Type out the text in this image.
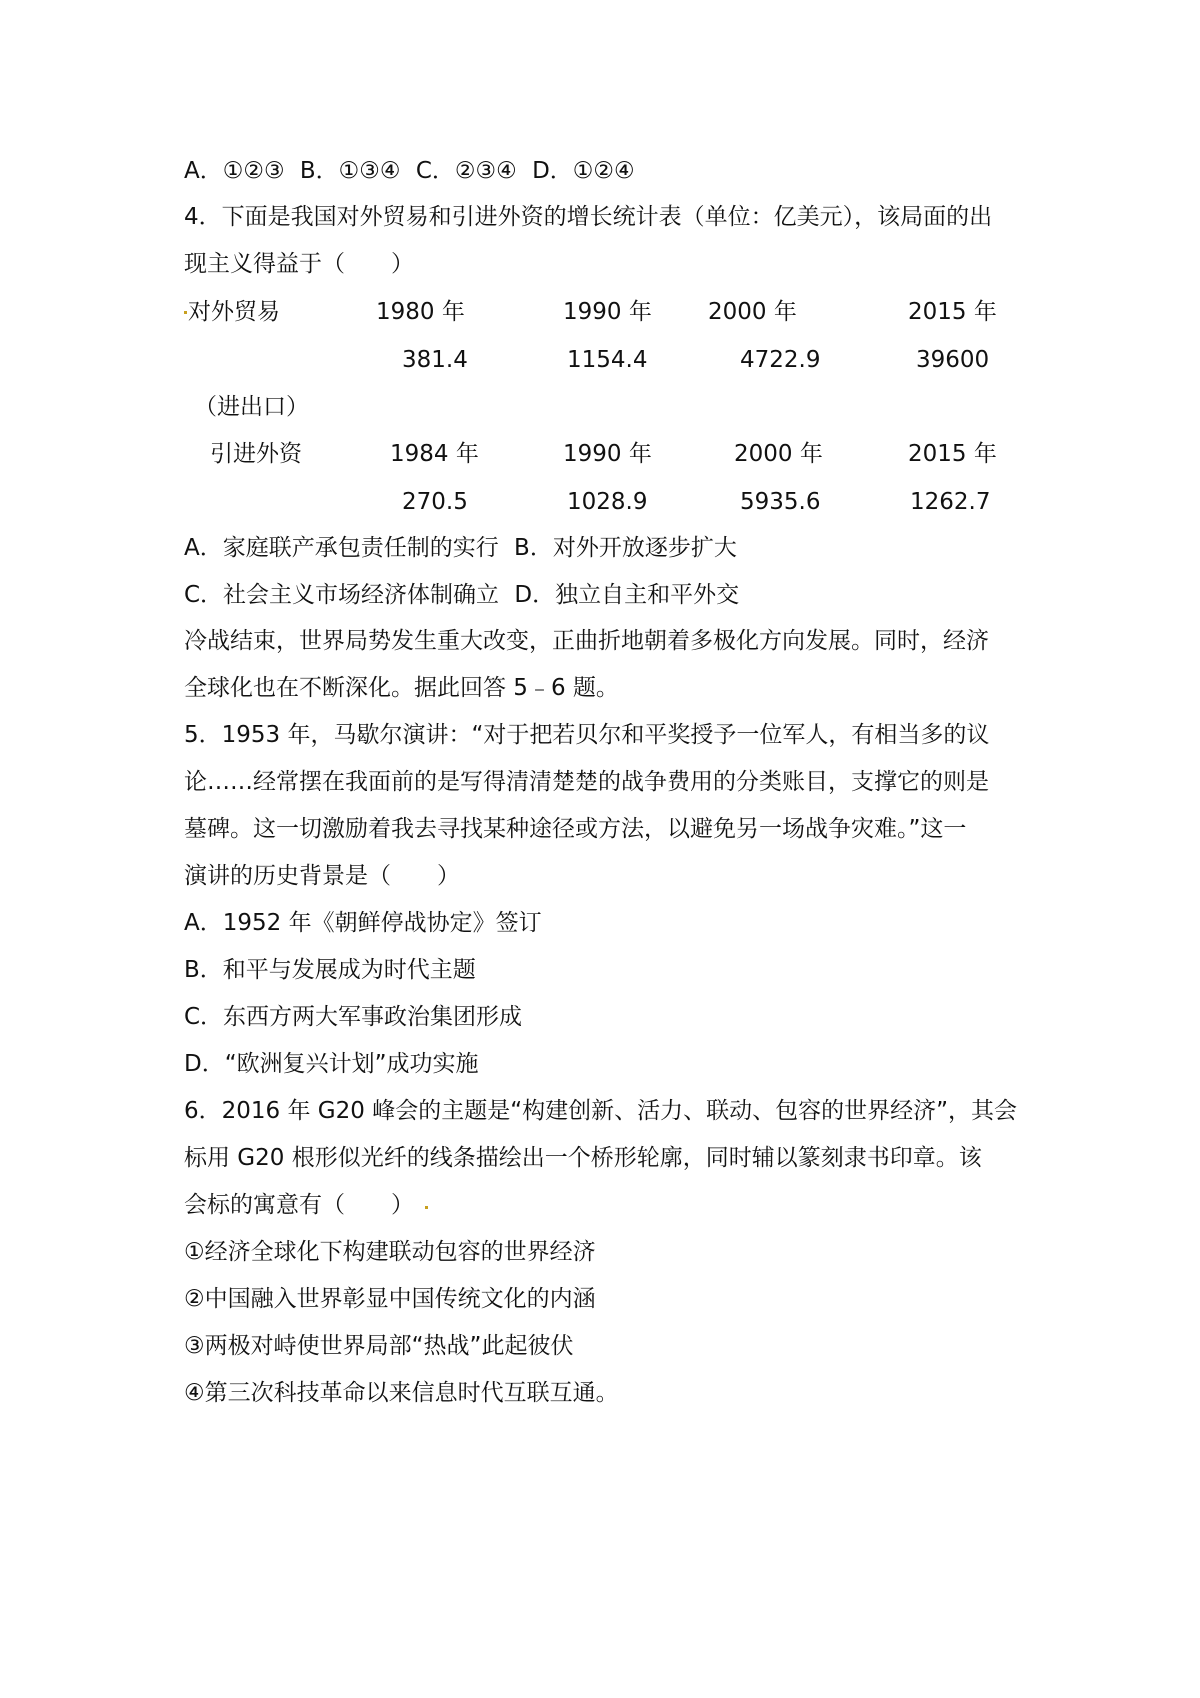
A．①②③ B．①③④ C．②③④ D．①②④
4．下面是我国对外贸易和引进外资的增长统计表（单位：亿美元），该局面的出
现主义得益于（　　）
对外贸易	1980 年	1990 年 2000 年	2015 年
381.4	1154.4	4722.9	39600
（进出口）
引进外资	1984 年	1990 年	2000 年	2015 年
270.5	1028.9	5935.6	1262.7
A．家庭联产承包责任制的实行 B．对外开放逐步扩大
C．社会主义市场经济体制确立 D．独立自主和平外交
冷战结束，世界局势发生重大改变，正曲折地朝着多极化方向发展。同时，经济
全球化也在不断深化。据此回答 5﹣6 题。
5．1953 年，马歇尔演讲：“对于把若贝尔和平奖授予一位军人，有相当多的议
论……经常摆在我面前的是写得清清楚楚的战争费用的分类账目，支撑它的则是
墓碑。这一切激励着我去寻找某种途径或方法，以避免另一场战争灾难。”这一
演讲的历史背景是（　　）
A．1952 年《朝鲜停战协定》签订
B．和平与发展成为时代主题
C．东西方两大军事政治集团形成
D．“欧洲复兴计划”成功实施
6．2016 年 G20 峰会的主题是“构建创新、活力、联动、包容的世界经济”，其会
标用 G20 根形似光纤的线条描绘出一个桥形轮廓，同时辅以篆刻隶书印章。该
会标的寓意有（　　）
①经济全球化下构建联动包容的世界经济
②中国融入世界彰显中国传统文化的内涵
③两极对峙使世界局部“热战”此起彼伏
④第三次科技革命以来信息时代互联互通。
